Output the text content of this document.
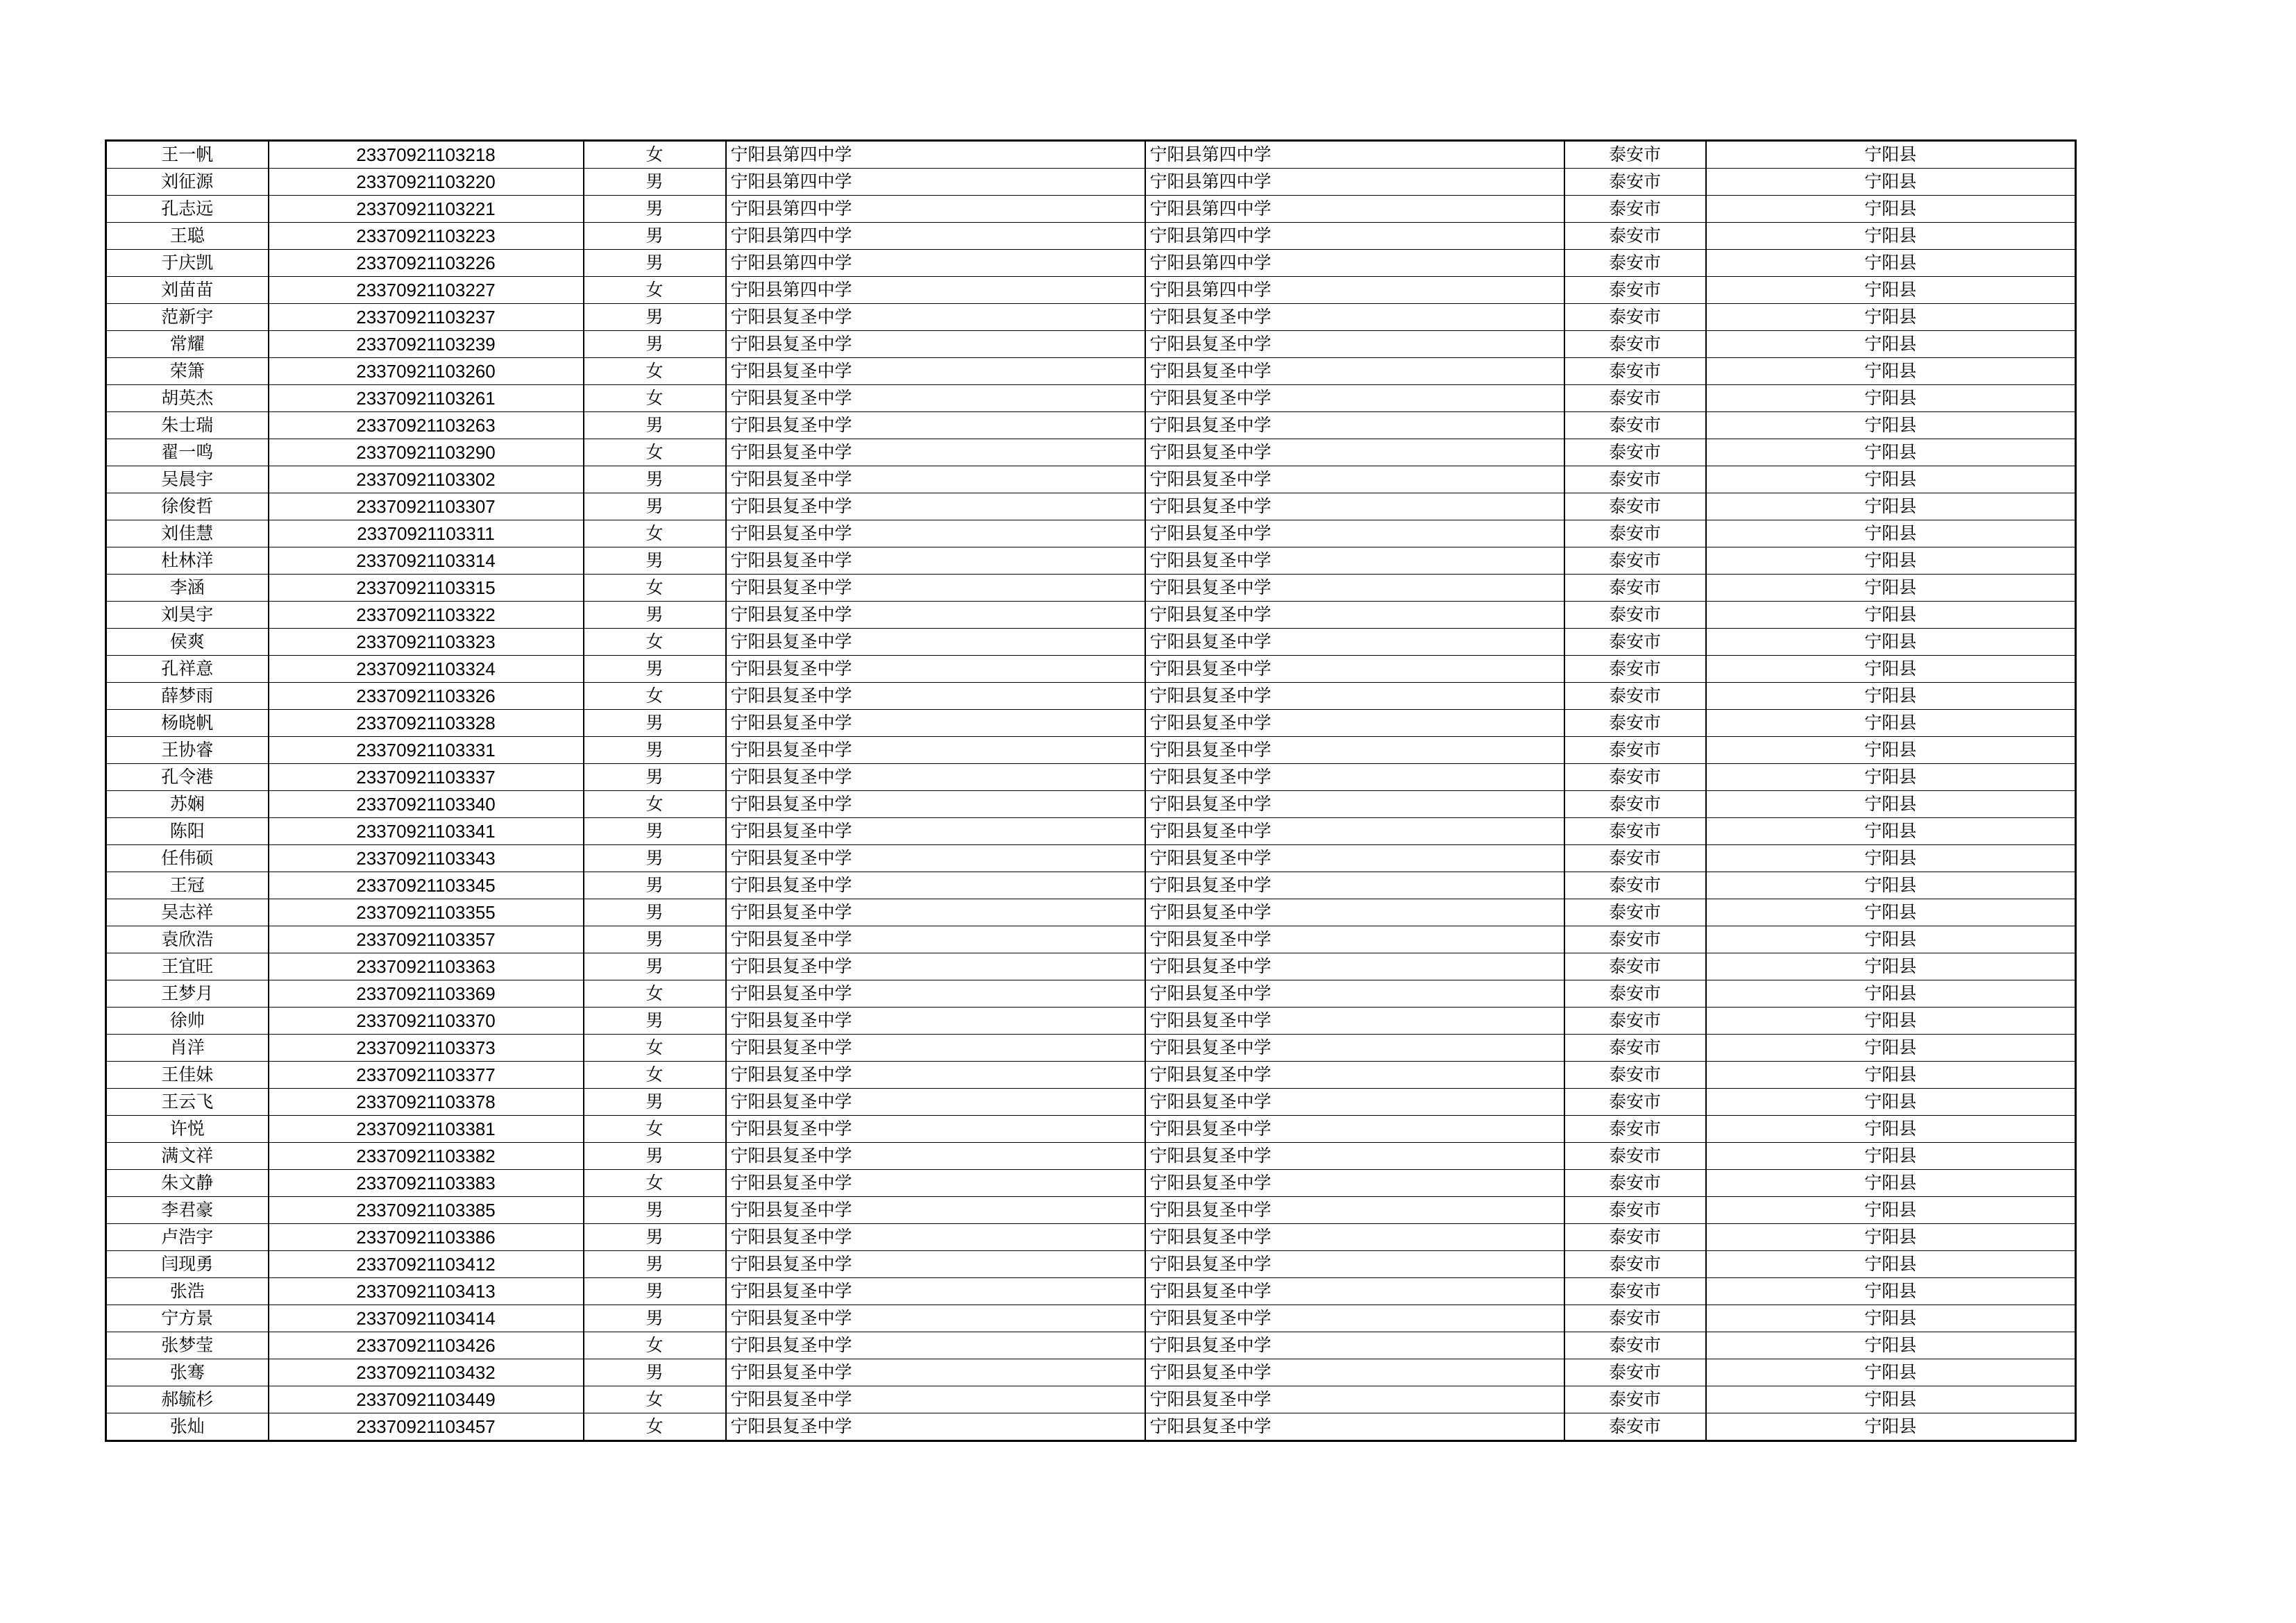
王一帆	23370921103218	女	宁阳县第四中学	宁阳县第四中学	泰安市	宁阳县
刘征源	23370921103220	男	宁阳县第四中学	宁阳县第四中学	泰安市	宁阳县
孔志远	23370921103221	男	宁阳县第四中学	宁阳县第四中学	泰安市	宁阳县
王聪	23370921103223	男	宁阳县第四中学	宁阳县第四中学	泰安市	宁阳县
于庆凯	23370921103226	男	宁阳县第四中学	宁阳县第四中学	泰安市	宁阳县
刘苗苗	23370921103227	女	宁阳县第四中学	宁阳县第四中学	泰安市	宁阳县
范新宇	23370921103237	男	宁阳县复圣中学	宁阳县复圣中学	泰安市	宁阳县
常耀	23370921103239	男	宁阳县复圣中学	宁阳县复圣中学	泰安市	宁阳县
荣箫	23370921103260	女	宁阳县复圣中学	宁阳县复圣中学	泰安市	宁阳县
胡英杰	23370921103261	女	宁阳县复圣中学	宁阳县复圣中学	泰安市	宁阳县
朱士瑞	23370921103263	男	宁阳县复圣中学	宁阳县复圣中学	泰安市	宁阳县
翟一鸣	23370921103290	女	宁阳县复圣中学	宁阳县复圣中学	泰安市	宁阳县
吴晨宇	23370921103302	男	宁阳县复圣中学	宁阳县复圣中学	泰安市	宁阳县
徐俊哲	23370921103307	男	宁阳县复圣中学	宁阳县复圣中学	泰安市	宁阳县
刘佳慧	23370921103311	女	宁阳县复圣中学	宁阳县复圣中学	泰安市	宁阳县
杜林洋	23370921103314	男	宁阳县复圣中学	宁阳县复圣中学	泰安市	宁阳县
李涵	23370921103315	女	宁阳县复圣中学	宁阳县复圣中学	泰安市	宁阳县
刘昊宇	23370921103322	男	宁阳县复圣中学	宁阳县复圣中学	泰安市	宁阳县
侯爽	23370921103323	女	宁阳县复圣中学	宁阳县复圣中学	泰安市	宁阳县
孔祥意	23370921103324	男	宁阳县复圣中学	宁阳县复圣中学	泰安市	宁阳县
薛梦雨	23370921103326	女	宁阳县复圣中学	宁阳县复圣中学	泰安市	宁阳县
杨晓帆	23370921103328	男	宁阳县复圣中学	宁阳县复圣中学	泰安市	宁阳县
王协睿	23370921103331	男	宁阳县复圣中学	宁阳县复圣中学	泰安市	宁阳县
孔令港	23370921103337	男	宁阳县复圣中学	宁阳县复圣中学	泰安市	宁阳县
苏娴	23370921103340	女	宁阳县复圣中学	宁阳县复圣中学	泰安市	宁阳县
陈阳	23370921103341	男	宁阳县复圣中学	宁阳县复圣中学	泰安市	宁阳县
任伟硕	23370921103343	男	宁阳县复圣中学	宁阳县复圣中学	泰安市	宁阳县
王冠	23370921103345	男	宁阳县复圣中学	宁阳县复圣中学	泰安市	宁阳县
吴志祥	23370921103355	男	宁阳县复圣中学	宁阳县复圣中学	泰安市	宁阳县
袁欣浩	23370921103357	男	宁阳县复圣中学	宁阳县复圣中学	泰安市	宁阳县
王宜旺	23370921103363	男	宁阳县复圣中学	宁阳县复圣中学	泰安市	宁阳县
王梦月	23370921103369	女	宁阳县复圣中学	宁阳县复圣中学	泰安市	宁阳县
徐帅	23370921103370	男	宁阳县复圣中学	宁阳县复圣中学	泰安市	宁阳县
肖洋	23370921103373	女	宁阳县复圣中学	宁阳县复圣中学	泰安市	宁阳县
王佳妹	23370921103377	女	宁阳县复圣中学	宁阳县复圣中学	泰安市	宁阳县
王云飞	23370921103378	男	宁阳县复圣中学	宁阳县复圣中学	泰安市	宁阳县
许悦	23370921103381	女	宁阳县复圣中学	宁阳县复圣中学	泰安市	宁阳县
满文祥	23370921103382	男	宁阳县复圣中学	宁阳县复圣中学	泰安市	宁阳县
朱文静	23370921103383	女	宁阳县复圣中学	宁阳县复圣中学	泰安市	宁阳县
李君豪	23370921103385	男	宁阳县复圣中学	宁阳县复圣中学	泰安市	宁阳县
卢浩宇	23370921103386	男	宁阳县复圣中学	宁阳县复圣中学	泰安市	宁阳县
闫现勇	23370921103412	男	宁阳县复圣中学	宁阳县复圣中学	泰安市	宁阳县
张浩	23370921103413	男	宁阳县复圣中学	宁阳县复圣中学	泰安市	宁阳县
宁方景	23370921103414	男	宁阳县复圣中学	宁阳县复圣中学	泰安市	宁阳县
张梦莹	23370921103426	女	宁阳县复圣中学	宁阳县复圣中学	泰安市	宁阳县
张骞	23370921103432	男	宁阳县复圣中学	宁阳县复圣中学	泰安市	宁阳县
郝毓杉	23370921103449	女	宁阳县复圣中学	宁阳县复圣中学	泰安市	宁阳县
张灿	23370921103457	女	宁阳县复圣中学	宁阳县复圣中学	泰安市	宁阳县
